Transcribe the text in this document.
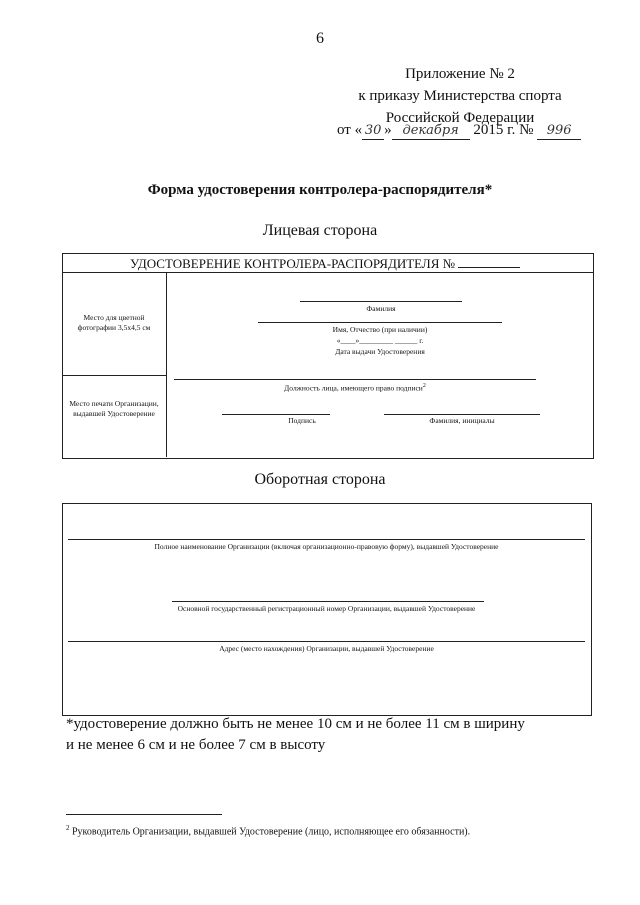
6
Приложение № 2
к приказу Министерства спорта
Российской Федерации
от « 30 » декабря 2015 г. № 996
Форма удостоверения контролера-распорядителя*
Лицевая сторона
УДОСТОВЕРЕНИЕ КОНТРОЛЕРА-РАСПОРЯДИТЕЛЯ №
Место для цветной фотографии 3,5х4,5 см
Место печати Организации, выдавшей Удостоверение
Фамилия
Имя, Отчество (при наличии)
«____»_________ ______ г.
Дата выдачи Удостоверения
Должность лица, имеющего право подписи$^2$
Подпись	Фамилия, инициалы
Оборотная сторона
Полное наименование Организации (включая организационно-правовую форму), выдавшей Удостоверение
Основной государственный регистрационный номер Организации, выдавшей Удостоверение
Адрес (место нахождения) Организации, выдавшей Удостоверение
*удостоверение должно быть не менее 10 см и не более 11 см в ширину
и не менее 6 см и не более 7 см в высоту
$^2$ Руководитель Организации, выдавшей Удостоверение (лицо, исполняющее его обязанности).
